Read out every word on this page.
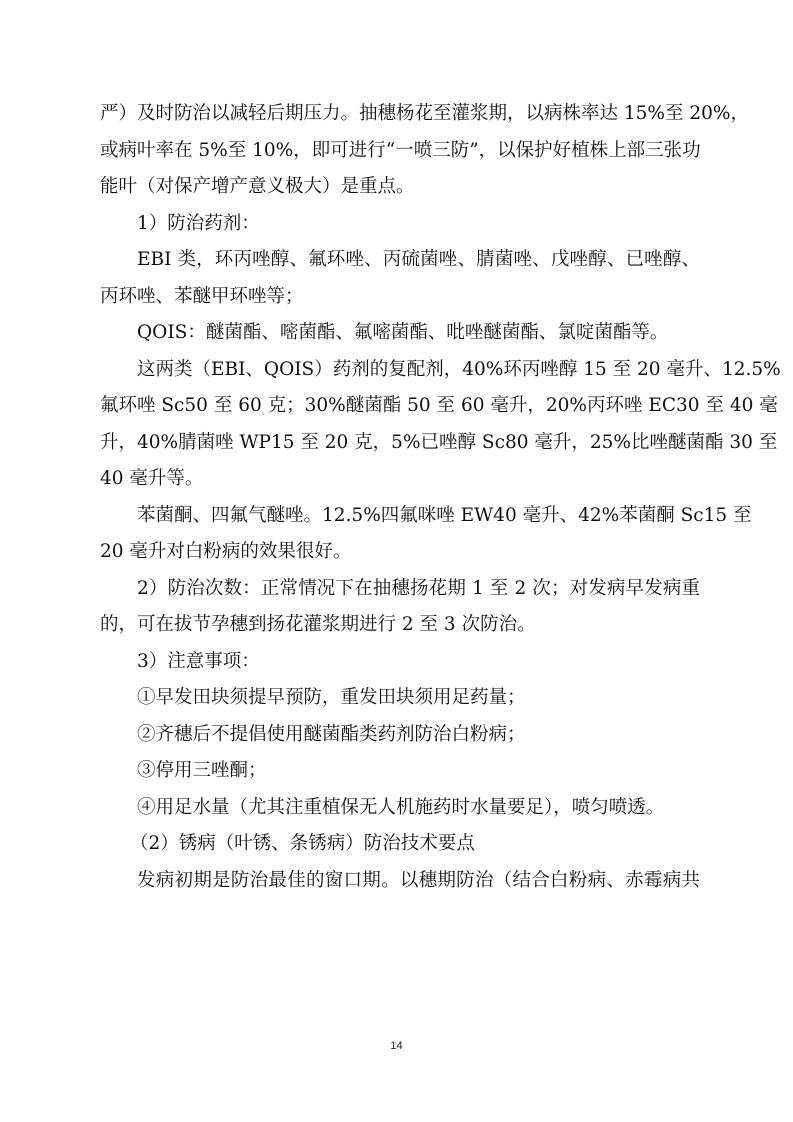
严）及时防治以减轻后期压力。抽穗杨花至灌浆期，以病株率达 15%至 20%，
或病叶率在 5%至 10%，即可进行“一喷三防”，以保护好植株上部三张功
能叶（对保产增产意义极大）是重点。
1）防治药剂：
EBI 类，环丙唑醇、氟环唑、丙硫菌唑、腈菌唑、戊唑醇、已唑醇、
丙环唑、苯醚甲环唑等；
QOIS：醚菌酯、嘧菌酯、氟嘧菌酯、吡唑醚菌酯、氯啶菌酯等。
这两类（EBI、QOIS）药剂的复配剂，40%环丙唑醇 15 至 20 毫升、12.5%
氟环唑 Sc50 至 60 克；30%醚菌酯 50 至 60 毫升，20%丙环唑 EC30 至 40 毫
升，40%腈菌唑 WP15 至 20 克，5%已唑醇 Sc80 毫升，25%比唑醚菌酯 30 至
40 毫升等。
苯菌酮、四氟气醚唑。12.5%四氟咪唑 EW40 毫升、42%苯菌酮 Sc15 至
20 毫升对白粉病的效果很好。
2）防治次数：正常情况下在抽穗扬花期 1 至 2 次；对发病早发病重
的，可在拔节孕穗到扬花灌浆期进行 2 至 3 次防治。
3）注意事项：
①早发田块须提早预防，重发田块须用足药量；
②齐穗后不提倡使用醚菌酯类药剂防治白粉病；
③停用三唑酮；
④用足水量（尤其注重植保无人机施药时水量要足），喷匀喷透。
（2）锈病（叶锈、条锈病）防治技术要点
发病初期是防治最佳的窗口期。以穗期防治（结合白粉病、赤霉病共
14
